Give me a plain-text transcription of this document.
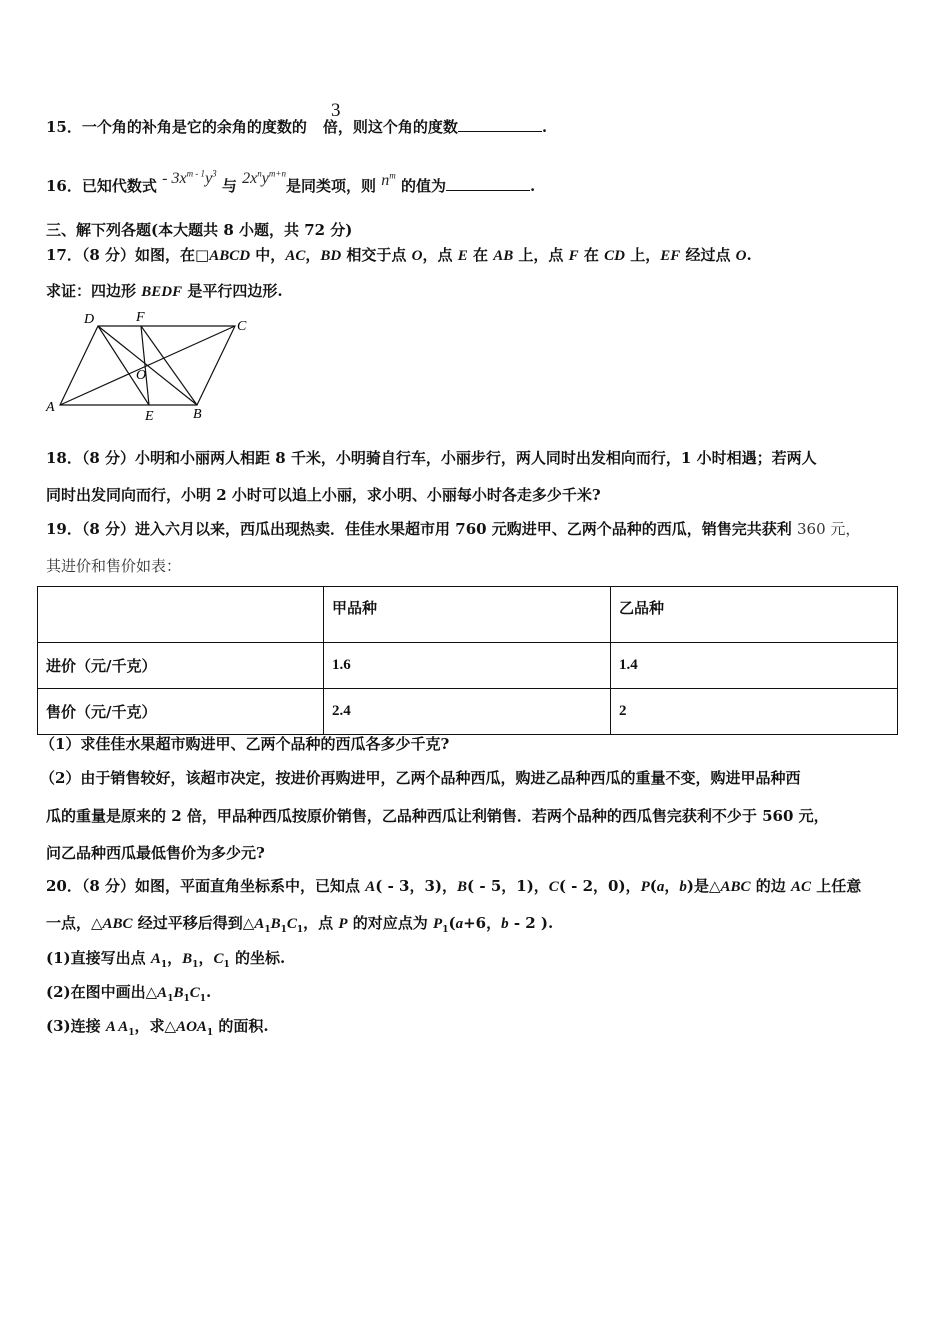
15．一个角的补角是它的余角的度数的 倍，则这个角的度数	.
3
16．已知代数式 - $3x^{m - 1}y^3$ 与 $2x^ny^{m+n}$是同类项，则 $n^m$ 的值为	.
三、解下列各题(本大题共 8 小题，共 72 分)
17．（8 分）如图，在□ABCD 中，AC，BD 相交于点 O，点 E 在 AB 上，点 F 在 CD 上，EF 经过点 O.
求证：四边形 BEDF 是平行四边形.
D	F
C
O
A
E	B
18．（8 分）小明和小丽两人相距 8 千米，小明骑自行车，小丽步行，两人同时出发相向而行，1 小时相遇；若两人
同时出发同向而行，小明 2 小时可以追上小丽，求小明、小丽每小时各走多少千米?
19．（8 分）进入六月以来，西瓜出现热卖．佳佳水果超市用 760 元购进甲、乙两个品种的西瓜，销售完共获利 360 元，
其进价和售价如表：
	甲品种	乙品种
进价（元/千克）	1.6	1.4
售价（元/千克）	2.4	2
（1）求佳佳水果超市购进甲、乙两个品种的西瓜各多少千克?
（2）由于销售较好，该超市决定，按进价再购进甲，乙两个品种西瓜，购进乙品种西瓜的重量不变，购进甲品种西
瓜的重量是原来的 2 倍，甲品种西瓜按原价销售，乙品种西瓜让利销售．若两个品种的西瓜售完获利不少于 560 元，
问乙品种西瓜最低售价为多少元?
20．（8 分）如图，平面直角坐标系中，已知点 A( - 3，3)，B( - 5，1)，C( - 2，0)，P(a，b)是△ABC 的边 AC 上任意
一点，△ABC 经过平移后得到$\triangle A_1B_1C_1$，点 P 的对应点为 $P_1(a+6$，b - 2 ).
(1)直接写出点 $A_1$，$B_1$，$C_1$ 的坐标.
(2)在图中画出$\triangle A_1B_1C_1$.
(3)连接 A $A_1$，求$\triangle AOA_1$ 的面积.
